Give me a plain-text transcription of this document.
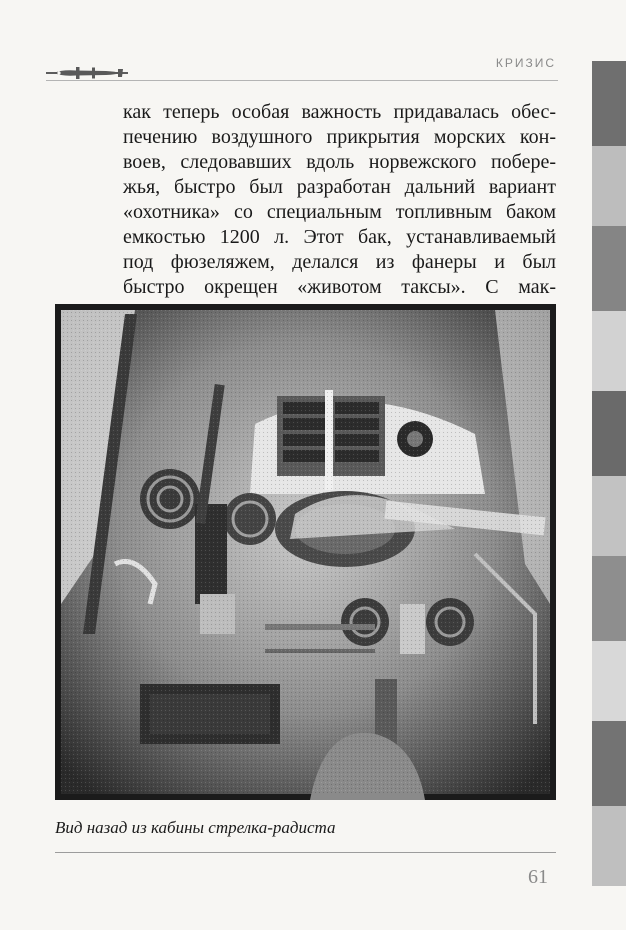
КРИЗИС
как теперь особая важность придавалась обес-
печению воздушного прикрытия морских кон-
воев, следовавших вдоль норвежского побере-
жья, быстро был разработан дальний вариант
«охотника» со специальным топливным баком
емкостью 1200 л. Этот бак, устанавливаемый
под фюзеляжем, делался из фанеры и был
быстро окрещен «животом таксы». С мак-
Вид назад из кабины стрелка-радиста
61
